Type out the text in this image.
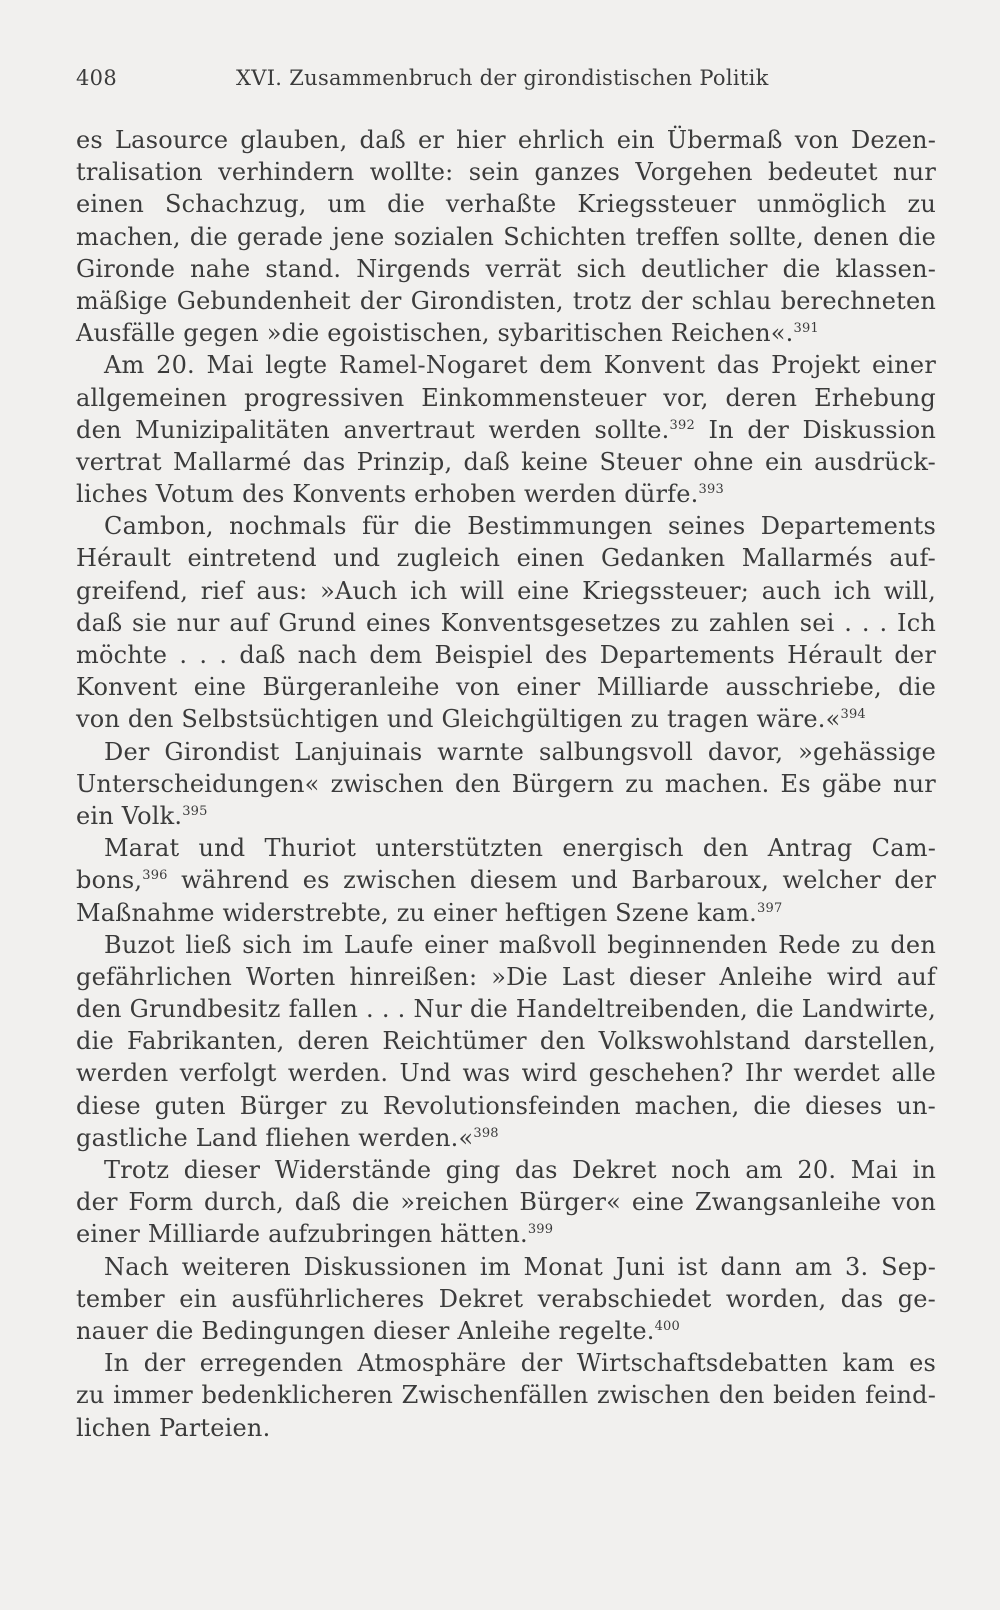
408	XVI. Zusammenbruch der girondistischen Politik
es Lasource glauben, daß er hier ehrlich ein Übermaß von Dezen-
tralisation verhindern wollte: sein ganzes Vorgehen bedeutet nur
einen Schachzug, um die verhaßte Kriegssteuer unmöglich zu
machen, die gerade jene sozialen Schichten treffen sollte, denen die
Gironde nahe stand. Nirgends verrät sich deutlicher die klassen-
mäßige Gebundenheit der Girondisten, trotz der schlau berechneten
Ausfälle gegen »die egoistischen, sybaritischen Reichen«.$^{391}$
Am 20. Mai legte Ramel-Nogaret dem Konvent das Projekt einer
allgemeinen progressiven Einkommensteuer vor, deren Erhebung
den Munizipalitäten anvertraut werden sollte.$^{392}$ In der Diskussion
vertrat Mallarmé das Prinzip, daß keine Steuer ohne ein ausdrück-
liches Votum des Konvents erhoben werden dürfe.$^{393}$
Cambon, nochmals für die Bestimmungen seines Departements
Hérault eintretend und zugleich einen Gedanken Mallarmés auf-
greifend, rief aus: »Auch ich will eine Kriegssteuer; auch ich will,
daß sie nur auf Grund eines Konventsgesetzes zu zahlen sei . . . Ich
möchte . . . daß nach dem Beispiel des Departements Hérault der
Konvent eine Bürgeranleihe von einer Milliarde ausschriebe, die
von den Selbstsüchtigen und Gleichgültigen zu tragen wäre.«$^{394}$
Der Girondist Lanjuinais warnte salbungsvoll davor, »gehässige
Unterscheidungen« zwischen den Bürgern zu machen. Es gäbe nur
ein Volk.$^{395}$
Marat und Thuriot unterstützten energisch den Antrag Cam-
bons,$^{396}$ während es zwischen diesem und Barbaroux, welcher der
Maßnahme widerstrebte, zu einer heftigen Szene kam.$^{397}$
Buzot ließ sich im Laufe einer maßvoll beginnenden Rede zu den
gefährlichen Worten hinreißen: »Die Last dieser Anleihe wird auf
den Grundbesitz fallen . . . Nur die Handeltreibenden, die Landwirte,
die Fabrikanten, deren Reichtümer den Volkswohlstand darstellen,
werden verfolgt werden. Und was wird geschehen? Ihr werdet alle
diese guten Bürger zu Revolutionsfeinden machen, die dieses un-
gastliche Land fliehen werden.«$^{398}$
Trotz dieser Widerstände ging das Dekret noch am 20. Mai in
der Form durch, daß die »reichen Bürger« eine Zwangsanleihe von
einer Milliarde aufzubringen hätten.$^{399}$
Nach weiteren Diskussionen im Monat Juni ist dann am 3. Sep-
tember ein ausführlicheres Dekret verabschiedet worden, das ge-
nauer die Bedingungen dieser Anleihe regelte.$^{400}$
In der erregenden Atmosphäre der Wirtschaftsdebatten kam es
zu immer bedenklicheren Zwischenfällen zwischen den beiden feind-
lichen Parteien.
